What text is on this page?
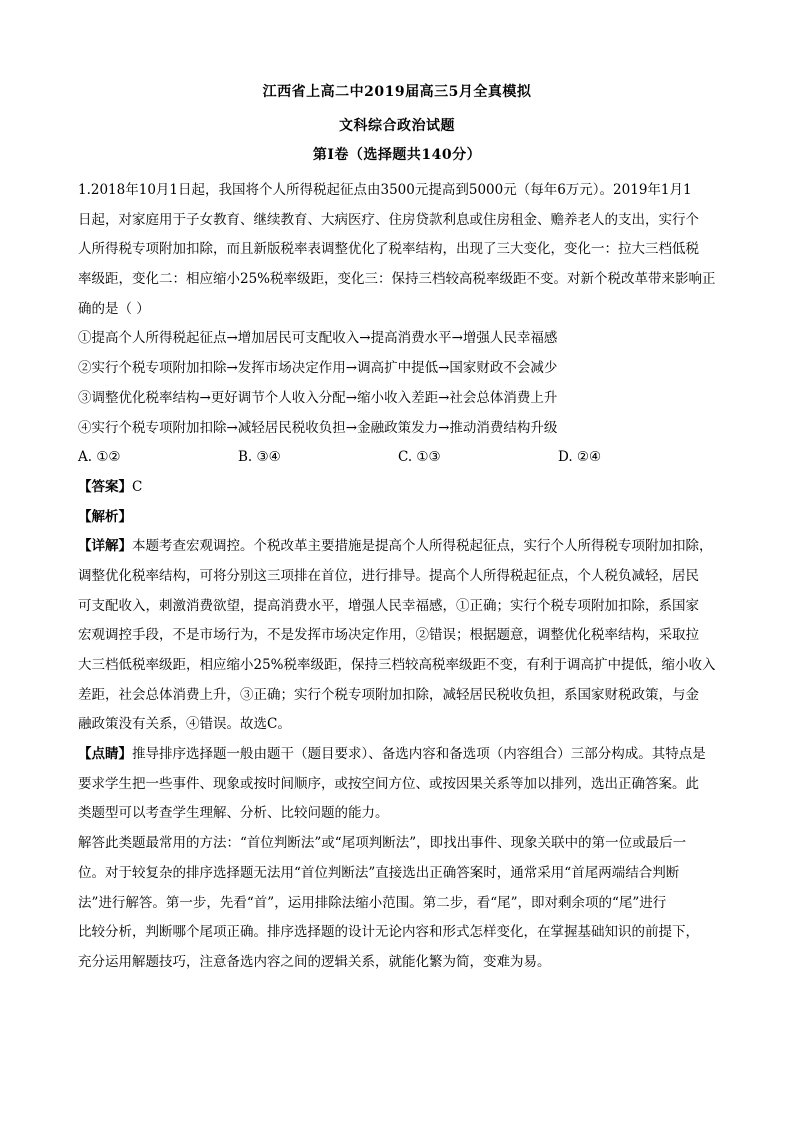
江西省上高二中2019届高三5月全真模拟
文科综合政治试题
第Ⅰ卷（选择题共140分）
1.2018年10月1日起，我国将个人所得税起征点由3500元提高到5000元（每年6万元）。2019年1月1
日起，对家庭用于子女教育、继续教育、大病医疗、住房贷款利息或住房租金、赡养老人的支出，实行个
人所得税专项附加扣除，而且新版税率表调整优化了税率结构，出现了三大变化，变化一：拉大三档低税
率级距，变化二：相应缩小25%税率级距，变化三：保持三档较高税率级距不变。对新个税改革带来影响正
确的是（ ）
①提高个人所得税起征点→增加居民可支配收入→提高消费水平→增强人民幸福感
②实行个税专项附加扣除→发挥市场决定作用→调高扩中提低→国家财政不会减少
③调整优化税率结构→更好调节个人收入分配→缩小收入差距→社会总体消费上升
④实行个税专项附加扣除→减轻居民税收负担→金融政策发力→推动消费结构升级
A. ①②	B. ③④	C. ①③	D. ②④
【答案】C
【解析】
【详解】本题考查宏观调控。个税改革主要措施是提高个人所得税起征点，实行个人所得税专项附加扣除，
调整优化税率结构，可将分别这三项排在首位，进行排导。提高个人所得税起征点，个人税负减轻，居民
可支配收入，刺激消费欲望，提高消费水平，增强人民幸福感，①正确；实行个税专项附加扣除，系国家
宏观调控手段，不是市场行为，不是发挥市场决定作用，②错误；根据题意，调整优化税率结构，采取拉
大三档低税率级距，相应缩小25%税率级距，保持三档较高税率级距不变，有利于调高扩中提低，缩小收入
差距，社会总体消费上升，③正确；实行个税专项附加扣除，减轻居民税收负担，系国家财税政策，与金
融政策没有关系，④错误。故选C。
【点睛】推导排序选择题一般由题干（题目要求）、备选内容和备选项（内容组合）三部分构成。其特点是
要求学生把一些事件、现象或按时间顺序，或按空间方位、或按因果关系等加以排列，选出正确答案。此
类题型可以考查学生理解、分析、比较问题的能力。
解答此类题最常用的方法：“首位判断法”或“尾项判断法”，即找出事件、现象关联中的第一位或最后一
位。对于较复杂的排序选择题无法用“首位判断法”直接选出正确答案时，通常采用“首尾两端结合判断
法”进行解答。第一步，先看“首”，运用排除法缩小范围。第二步，看“尾”，即对剩余项的“尾”进行
比较分析，判断哪个尾项正确。排序选择题的设计无论内容和形式怎样变化，在掌握基础知识的前提下，
充分运用解题技巧，注意备选内容之间的逻辑关系，就能化繁为简，变难为易。
